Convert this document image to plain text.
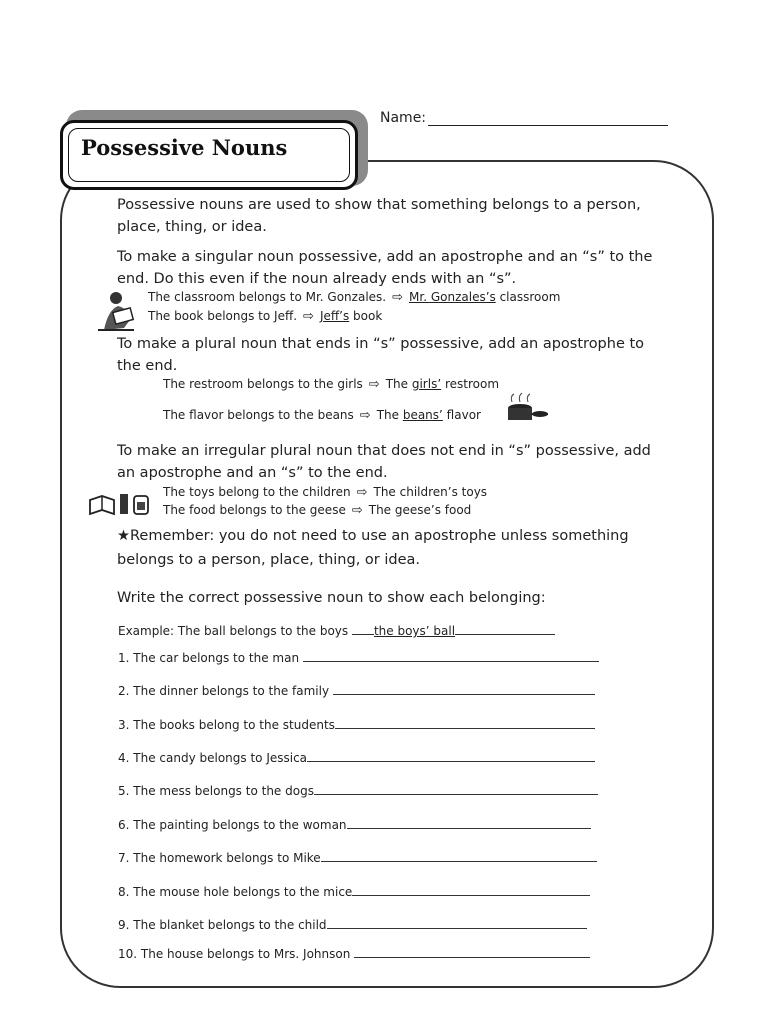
Possessive Nouns
Name:
Possessive nouns are used to show that something belongs to a person,
place, thing, or idea.
To make a singular noun possessive, add an apostrophe and an “s” to the
end. Do this even if the noun already ends with an “s”.
The classroom belongs to Mr. Gonzales. ⇨ Mr. Gonzales’s classroom
The book belongs to Jeff. ⇨ Jeff’s book
To make a plural noun that ends in “s” possessive, add an apostrophe to
the end.
The restroom belongs to the girls ⇨ The girls’ restroom
The flavor belongs to the beans ⇨ The beans’ flavor
To make an irregular plural noun that does not end in “s” possessive, add
an apostrophe and an “s” to the end.
The toys belong to the children ⇨ The children’s toys
The food belongs to the geese ⇨ The geese’s food
★Remember: you do not need to use an apostrophe unless something
belongs to a person, place, thing, or idea.
Write the correct possessive noun to show each belonging:
Example: The ball belongs to the boys the boys’ ball
1. The car belongs to the man
2. The dinner belongs to the family
3. The books belong to the students
4. The candy belongs to Jessica
5. The mess belongs to the dogs
6. The painting belongs to the woman
7. The homework belongs to Mike
8. The mouse hole belongs to the mice
9. The blanket belongs to the child
10. The house belongs to Mrs. Johnson
